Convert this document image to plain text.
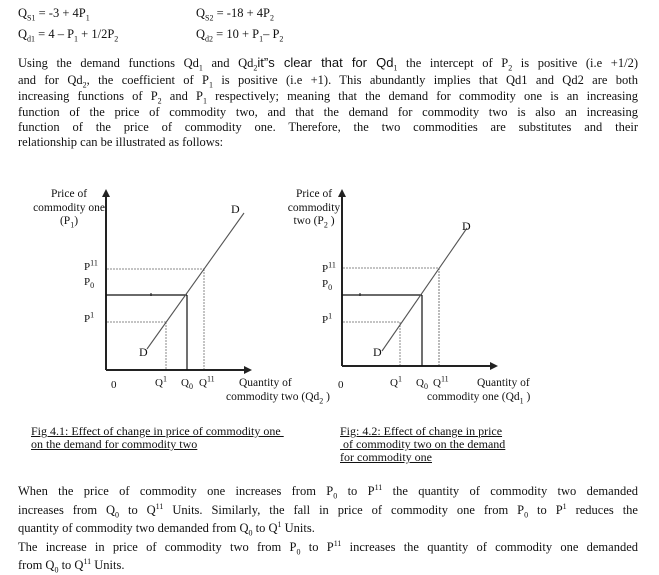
$Q_{S1} = -3 + 4P_1$
$Q_{d1} = 4 - P_1 + 1/2P_2$
$Q_{S2} = -18 + 4P_2$
$Q_{d2} = 10 + P_1-$ $P_2$
Using the demand functions $Qd_1$ and $Qd_2it”s$ clear that for $Qd_1$ the intercept of $P_2$ is positive (i.e +1/2)
and for $Qd_2$, the coefficient of $P_1$ is positive (i.e +1). This abundantly implies that Qd1 and Qd2 are both
increasing functions of $P_2$ and $P_1$ respectively; meaning that the demand for commodity one is an increasing
function of the price of commodity two, and that the demand for commodity two is also an increasing
function of the price of commodity one. Therefore, the two commodities are substitutes and their
relationship can be illustrated as follows:
Price of
commodity one
$(P_1)$
$P^{11}$
$P_0$
$P^1$
D
D
0	$Q^1$ $Q_0$ $Q^{11}$	Quantity of
commodity two ($Qd_2$ )
Price of
commodity
two ($P_2$ )
$P^{11}$
$P_0$
$P^1$
D
D
0	$Q^1$ $Q_0$ $Q^{11}$	Quantity of
commodity one ($Qd_1$ )
Fig 4.1: Effect of change in price of commodity one
on the demand for commodity two
Fig: 4.2: Effect of change in price
of commodity two on the demand
for commodity one
When the price of commodity one increases from $P_0$ to $P^{11}$ the quantity of commodity two demanded
increases from $Q_0$ to $Q^{11}$ Units. Similarly, the fall in price of commodity one from $P_0$ to $P^1$ reduces the
quantity of commodity two demanded from $Q_0$ to $Q^1$ Units.
The increase in price of commodity two from $P_0$ to $P^{11}$ increases the quantity of commodity one demanded
from $Q_0$ to $Q^{11}$ Units.
